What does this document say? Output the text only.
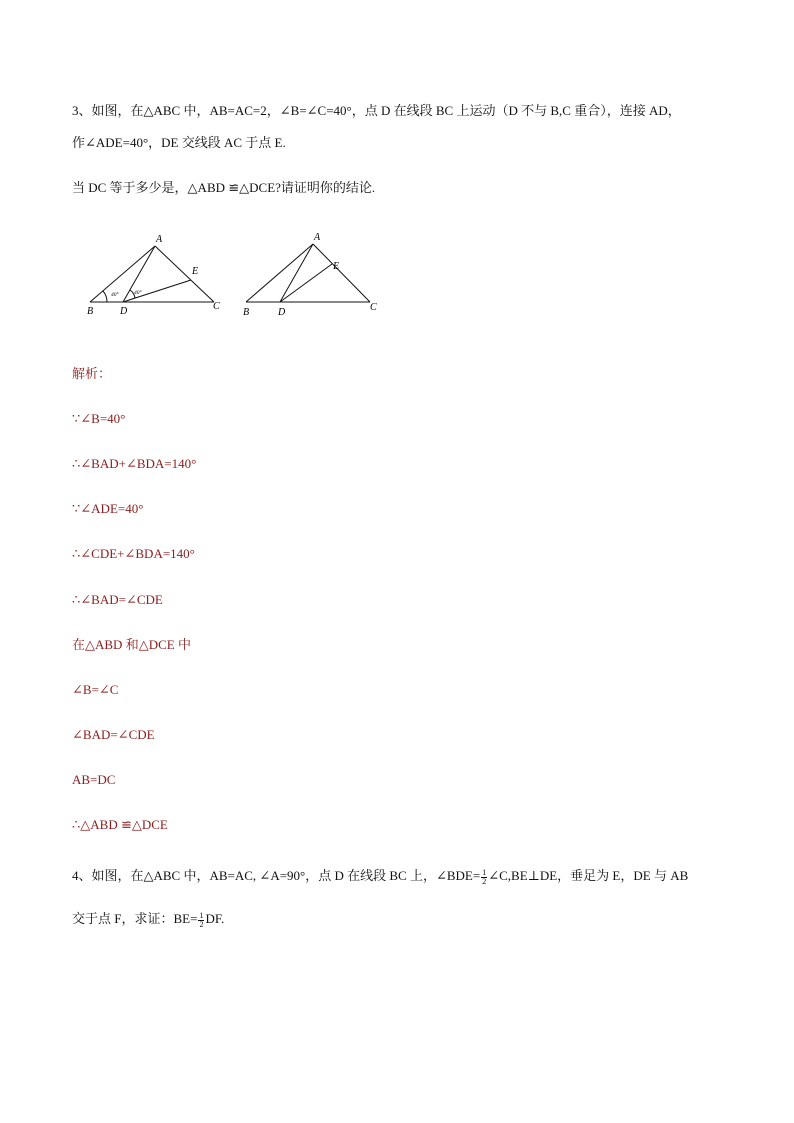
3、如图，在△ABC 中，AB=AC=2，∠B=∠C=40°，点 D 在线段 BC 上运动（D 不与 B,C 重合），连接 AD，
作∠ADE=40°，DE 交线段 AC 于点 E.
当 DC 等于多少是，△ABD ≌△DCE?请证明你的结论.
A
B	C
D
E
40°	40°
A
B	C
D
E
解析：
∵∠B=40°
∴∠BAD+∠BDA=140°
∵∠ADE=40°
∴∠CDE+∠BDA=140°
∴∠BAD=∠CDE
在△ABD 和△DCE 中
∠B=∠C
∠BAD=∠CDE
AB=DC
∴△ABD ≌△DCE
4、如图，在△ABC 中，AB=AC, ∠A=90°，点 D 在线段 BC 上，∠BDE= $\frac{1}{2}$ ∠C,BE⊥DE，垂足为 E，DE 与 AB
交于点 F，求证：$BE= \frac{1}{2}$ DF.
